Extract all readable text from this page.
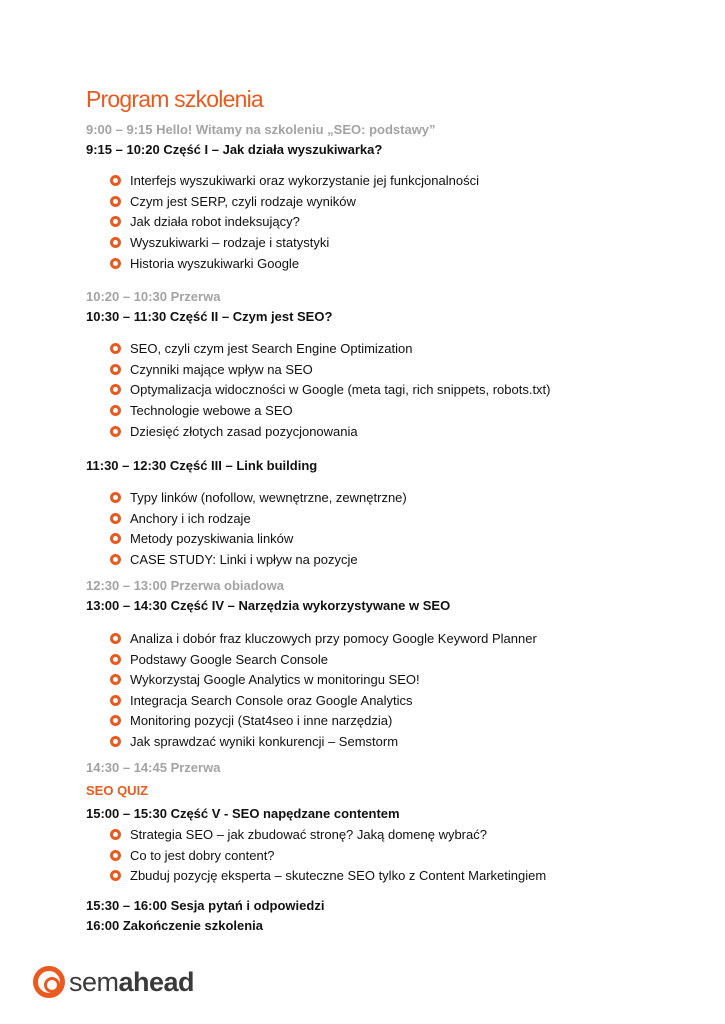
Program szkolenia
9:00 – 9:15 Hello! Witamy na szkoleniu „SEO: podstawy”
9:15 – 10:20 Część I – Jak działa wyszukiwarka?
Interfejs wyszukiwarki oraz wykorzystanie jej funkcjonalności
Czym jest SERP, czyli rodzaje wyników
Jak działa robot indeksujący?
Wyszukiwarki – rodzaje i statystyki
Historia wyszukiwarki Google
10:20 – 10:30 Przerwa
10:30 – 11:30 Część II – Czym jest SEO?
SEO, czyli czym jest Search Engine Optimization
Czynniki mające wpływ na SEO
Optymalizacja widoczności w Google (meta tagi, rich snippets, robots.txt)
Technologie webowe a SEO
Dziesięć złotych zasad pozycjonowania
11:30 – 12:30 Część III – Link building
Typy linków (nofollow, wewnętrzne, zewnętrzne)
Anchory i ich rodzaje
Metody pozyskiwania linków
CASE STUDY: Linki i wpływ na pozycje
12:30 – 13:00 Przerwa obiadowa
13:00 – 14:30 Część IV – Narzędzia wykorzystywane w SEO
Analiza i dobór fraz kluczowych przy pomocy Google Keyword Planner
Podstawy Google Search Console
Wykorzystaj Google Analytics w monitoringu SEO!
Integracja Search Console oraz Google Analytics
Monitoring pozycji (Stat4seo i inne narzędzia)
Jak sprawdzać wyniki konkurencji – Semstorm
14:30 – 14:45 Przerwa
SEO QUIZ
15:00 – 15:30 Część V - SEO napędzane contentem
Strategia SEO – jak zbudować stronę? Jaką domenę wybrać?
Co to jest dobry content?
Zbuduj pozycję eksperta – skuteczne SEO tylko z Content Marketingiem
15:30 – 16:00 Sesja pytań i odpowiedzi
16:00 Zakończenie szkolenia
semahead
